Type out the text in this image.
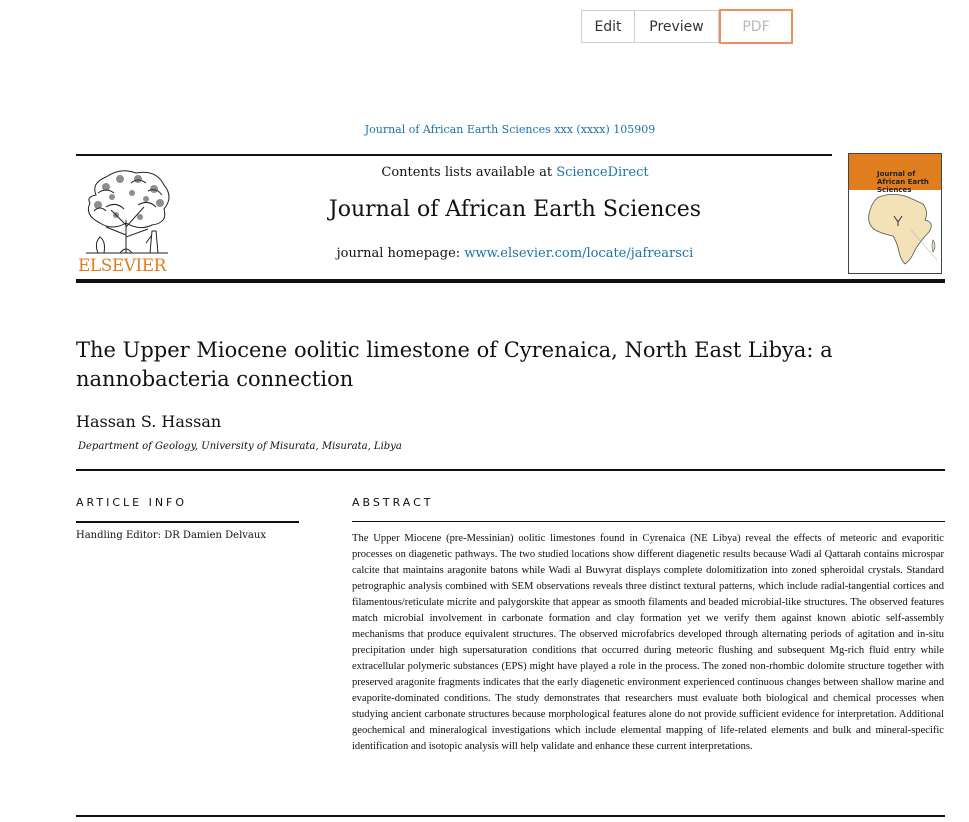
Edit	Preview	PDF
Journal of African Earth Sciences xxx (xxxx) 105909
ELSEVIER
Contents lists available at ScienceDirect
Journal of African Earth Sciences
journal homepage: www.elsevier.com/locate/jafrearsci
Journal of African Earth Sciences
The Upper Miocene oolitic limestone of Cyrenaica, North East Libya: a nannobacteria connection
Hassan S. Hassan
Department of Geology, University of Misurata, Misurata, Libya
ARTICLE INFO
Handling Editor: DR Damien Delvaux
ABSTRACT
The Upper Miocene (pre-Messinian) oolitic limestones found in Cyrenaica (NE Libya) reveal the effects of meteoric and evaporitic processes on diagenetic pathways. The two studied locations show different diagenetic results because Wadi al Qattarah contains microspar calcite that maintains aragonite batons while Wadi al Buwyrat displays complete dolomitization into zoned spheroidal crystals. Standard petrographic analysis combined with SEM observations reveals three distinct textural patterns, which include radial-tangential cortices and filamentous/reticulate micrite and palygorskite that appear as smooth filaments and beaded microbial-like structures. The observed features match microbial involvement in carbonate formation and clay formation yet we verify them against known abiotic self-assembly mechanisms that produce equivalent structures. The observed microfabrics developed through alternating periods of agitation and in-situ precipitation under high supersaturation conditions that occurred during meteoric flushing and subsequent Mg-rich fluid entry while extracellular polymeric substances (EPS) might have played a role in the process. The zoned non-rhombic dolomite structure together with preserved aragonite fragments indicates that the early diagenetic environment experienced continuous changes between shallow marine and evaporite-dominated conditions. The study demonstrates that researchers must evaluate both biological and chemical processes when studying ancient carbonate structures because morphological features alone do not provide sufficient evidence for interpretation. Additional geochemical and mineralogical investigations which include elemental mapping of life-related elements and bulk and mineral-specific identification and isotopic analysis will help validate and enhance these current interpretations.
